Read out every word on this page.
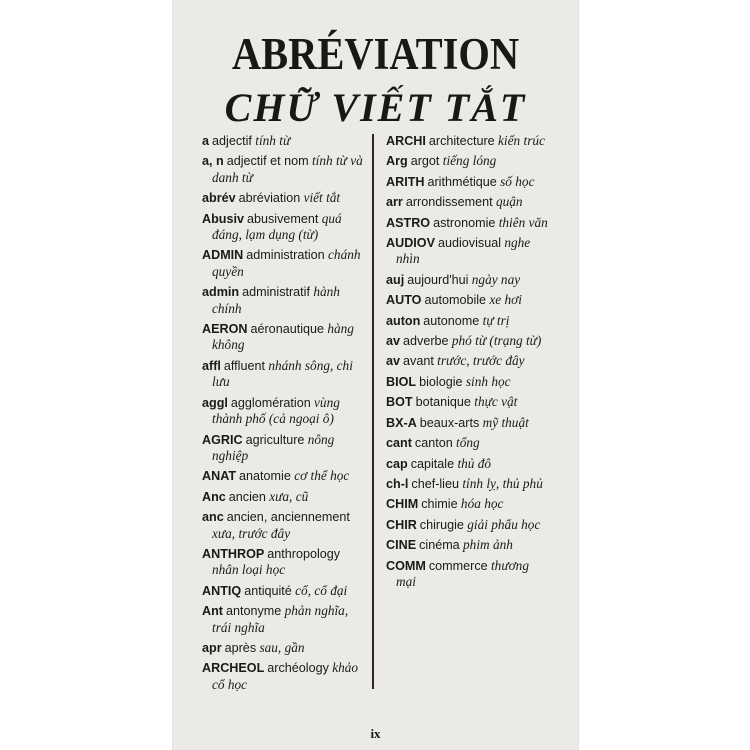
ABRÉVIATION
CHỮ VIẾT TẮT
a adjectif tính từ
a, n adjectif et nom tính từ và danh từ
abrév abréviation viết tắt
Abusiv abusivement quá đáng, lạm dụng (từ)
ADMIN administration chánh quyền
admin administratif hành chính
AERON aéronautique hàng không
affl affluent nhánh sông, chi lưu
aggl agglomération vùng thành phố (cả ngoại ô)
AGRIC agriculture nông nghiệp
ANAT anatomie cơ thể học
Anc ancien xưa, cũ
anc ancien, anciennement xưa, trước đây
ANTHROP anthropology nhân loại học
ANTIQ antiquité cổ, cổ đại
Ant antonyme phản nghĩa, trái nghĩa
apr après sau, gần
ARCHEOL archéology khảo cổ học
ARCHI architecture kiến trúc
Arg argot tiếng lóng
ARITH arithmétique số học
arr arrondissement quận
ASTRO astronomie thiên văn
AUDIOV audiovisual nghe nhìn
auj aujourd'hui ngày nay
AUTO automobile xe hơi
auton autonome tự trị
av adverbe phó từ (trạng từ)
av avant trước, trước đây
BIOL biologie sinh học
BOT botanique thực vật
BX-A beaux-arts mỹ thuật
cant canton tổng
cap capitale thủ đô
ch-l chef-lieu tỉnh lỵ, thủ phủ
CHIM chimie hóa học
CHIR chirugie giải phẩu học
CINE cinéma phim ảnh
COMM commerce thương mại
ix
